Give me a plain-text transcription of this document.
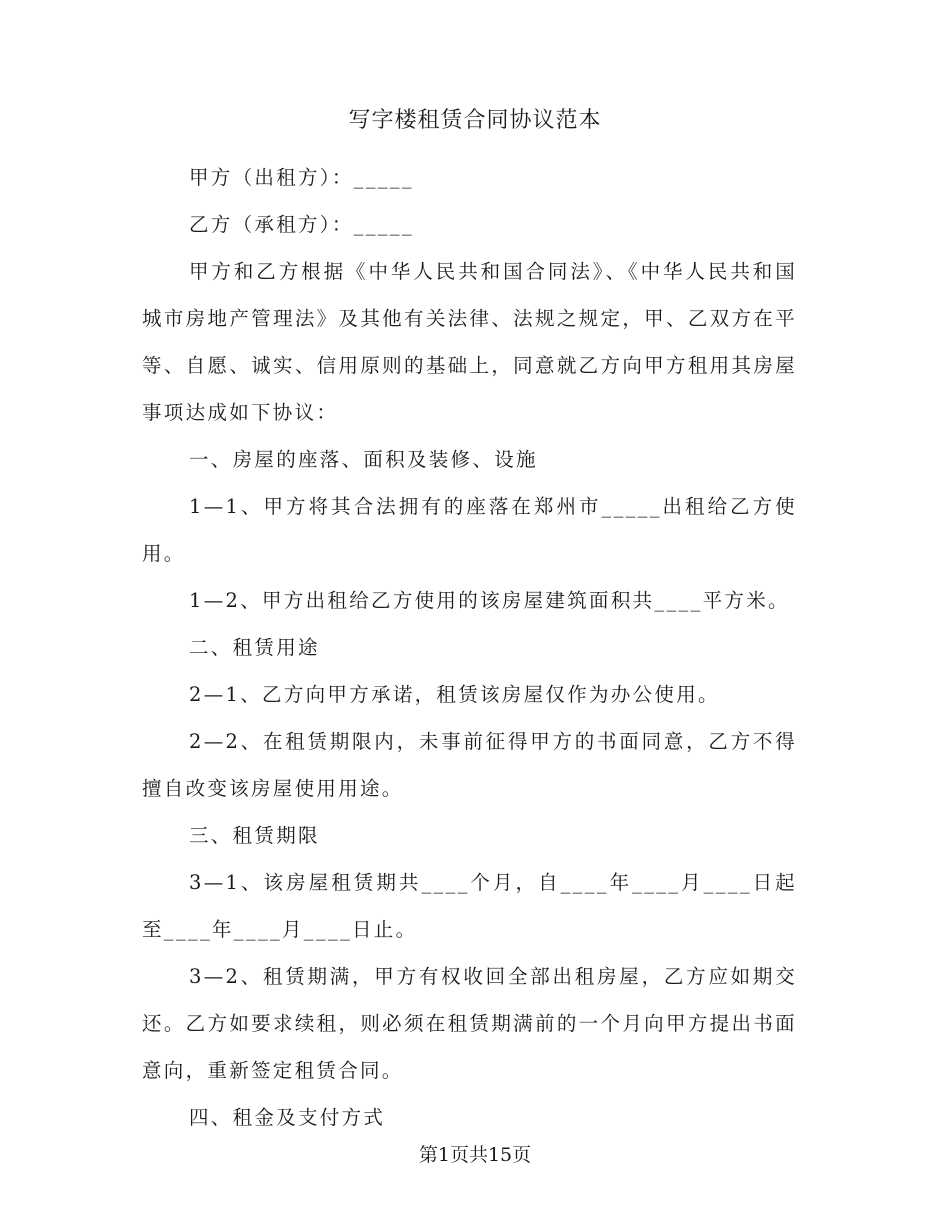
写字楼租赁合同协议范本

甲方（出租方）：_____

乙方（承租方）：_____

甲方和乙方根据《中华人民共和国合同法》、《中华人民共和国城市房地产管理法》及其他有关法律、法规之规定，甲、乙双方在平等、自愿、诚实、信用原则的基础上，同意就乙方向甲方租用其房屋事项达成如下协议：

一、房屋的座落、面积及装修、设施

1—1、甲方将其合法拥有的座落在郑州市_____出租给乙方使用。

1—2、甲方出租给乙方使用的该房屋建筑面积共____平方米。

二、租赁用途

2—1、乙方向甲方承诺，租赁该房屋仅作为办公使用。

2—2、在租赁期限内，未事前征得甲方的书面同意，乙方不得擅自改变该房屋使用用途。

三、租赁期限

3—1、该房屋租赁期共____个月，自____年____月____日起至____年____月____日止。

3—2、租赁期满，甲方有权收回全部出租房屋，乙方应如期交还。乙方如要求续租，则必须在租赁期满前的一个月向甲方提出书面意向，重新签定租赁合同。

四、租金及支付方式

第1页共15页
